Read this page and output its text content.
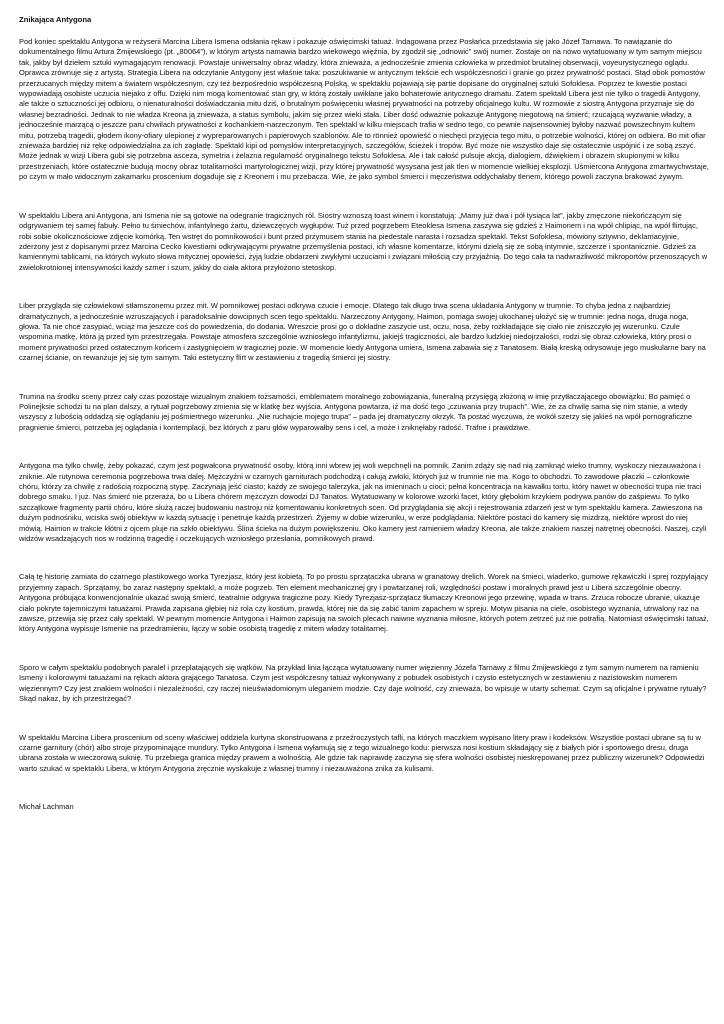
Znikająca Antygona

Pod koniec spektaklu Antygona w reżyserii Marcina Libera Ismena odsłania rękaw i pokazuje oświęcimski tatuaż. Indagowana przez Posłańca przedstawia się jako Józef Tarnawa. To nawiązanie do dokumentalnego filmu Artura Żmijewskiego (pt. „80064”), w którym artysta namawia bardzo wiekowego więźnia, by zgodził się „odnowić” swój numer. Zostaje on na nowo wytatuowany w tym samym miejscu tak, jakby był dziełem sztuki wymagającym renowacji. Powstaje uniwersalny obraz władzy, która znieważa, a jednocześnie zmienia człowieka w przedmiot brutalnej obserwacji, voyeurystycznego oglądu. Oprawca zrównuje się z artystą. Strategia Libera na odczytanie Antygony jest właśnie taka: poszukiwanie w antycznym tekście ech współczesności i granie go przez prywatność postaci. Stąd obok pomostów przerzucanych między mitem a światem współczesnym, czy też bezpośrednio współczesną Polską, w spektaklu pojawiają się partie dopisane do oryginalnej sztuki Sofoklesa. Poprzez te kwestie postaci wypowiadają osobiste uczucia niejako z offu. Dzięki nim mogą komentować stan gry, w którą zostały uwikłane jako bohaterowie antycznego dramatu. Zatem spektakl Libera jest nie tylko o tragedii Antygony, ale także o sztuczności jej odbioru, o nienaturalności doświadczania mitu dziś, o brutalnym poświęceniu własnej prywatności na potrzeby oficjalnego kultu. W rozmowie z siostrą Antygona przyznaje się do własnej bezradności. Jednak to nie władza Kreona ją znieważa, a status symbolu, jakim się przez wieki stała. Liber dość odważnie pokazuje Antygonę niegotową na śmierć; rzucającą wyzwanie władzy, a jednocześnie marzącą o jeszcze paru chwilach prywatności z kochankiem-narzeczonym. Ten spektakl w kilku miejscach trafia w sedno tego, co pewnie najsensowniej byłoby nazwać powszechnym kultem mitu, potrzebą tragedii, głodem ikony-ofiary ulepionej z wypreparowanych i papierowych szablonów. Ale to rönnież opowieść o niechęci przyjęcia tego mitu, o potrzebie wolności, której on odbiera. Bo mit ofiar znieważa bardziej niż rękę odpowiedzialna za ich zagładę. Spektakl kipi od pomysłów interpretacyjnych, szczegółów, ścieżek i tropów. Być może nie wszystko daje się ostatecznie uspójnić i ze sobą zszyć. Może jednak w wizji Libera gubi się potrzebna asceza, symetria i żelazna regularność oryginalnego tekstu Sofoklesa. Ale i tak całość pulsuje akcją, dialogiem, dźwiękiem i obrazem skupionymi w kilku przestrzeniach, które ostatecznie budują mocny obraz totalitarności martyrologicznej wizji, przy której prywatność wysysana jest jak tlen w momencie wielkiej eksplozji. Uśmiercona Antygona zmartwychwstaje, po czym w mało widocznym zakamarku proscenium dogaduje się z Kreonem i mu przebacza. Wie, że jako symbol śmierci i męczeństwa oddychałaby tlenem, którego powoli zaczyna brakować żywym.

W spektaklu Libera ani Antygona, ani Ismena nie są gotowe na odegranie tragicznych ról. Siostry wznoszą toast winem i konstatują: „Mamy już dwa i pół tysiąca lat”, jakby zmęczone niekończącym się odgrywaniem tej samej fabuły. Pełno tu śmiechów, infantylnego żartu, dziewczęcych wygłupów. Tuż przed pogrzebem Eteoklesa Ismena zaszywa się gdzieś z Haimonem i na wpół chlipiąc, na wpół flirtując, robi sobie okolicznościowe zdjęcie komórką. Ten wstręt do pomnikowości i bunt przed przymusem stania na piedestale narasta i rozsadza spektakl. Tekst Sofoklesa, mówiony sztywno, deklamacyjnie, zderzony jest z dopisanymi przez Marcina Cecko kwestiami odkrywającymi prywatne przemyślenia postaci, ich własne komentarze, którymi dzielą się ze sobą intymnie, szczerze i spontanicznie. Gdzieś za kamiennymi tablicami, na których wykuto słowa mitycznej opowieści, żyją ludzie obdarzeni zwykłymi uczuciami i związani miłością czy przyjaźnią. Do tego cała ta nadwrażliwość mikroportów przenoszących w zwielokrotnionej intensywności każdy szmer i szum, jakby do ciała aktora przyłożono stetoskop.

Liber przygląda się człowiekowi stłamszonemu przez mit. W pomnikowej postaci odkrywa czucie i emocje. Dlatego tak długo trwa scena układania Antygony w trumnie. To chyba jedna z najbardziej dramatycznych, a jednocześnie wzruszających i paradoksalnie dowcipnych scen tego spektaklu. Narzeczony Antygony, Haimon, pomaga swojej ukochanej ułożyć się w trumnie: jedna noga, druga noga, głowa. Ta nie chce zasypiać, wciąż ma jeszcze coś do powiedzenia, do dodania. Wreszcie prosi go o dokładne zaszycie ust, oczu, nosa, żeby rozkładające się ciało nie zniszczyło jej wizerunku. Czule wspomina matkę, która ją przed tym przestrzegała. Powstaje atmosfera szczególnie wzniosłego infantylizmu, jakiejś tragiczności, ale bardzo ludzkiej niedojrzałości, rodzi się obraz człowieka, który prosi o moment prywatności przed ostatecznym końcem i zastygnięciem w tragicznej pozie. W momencie kiedy Antygona umiera, Ismena zabawia się z Tanatosem. Białą kreską odrysowuje jego muskularne bary na czarnej ścianie, on rewanżuje jej się tym samym. Taki estetyczny flirt w zestawieniu z tragedią śmierci jej siostry.

Trumna na środku sceny przez cały czas pozostaje wizualnym znakiem tożsamości, emblematem moralnego zobowiązania, funeralną przysięgą złożoną w imię przytłaczającego obowiązku. Bo pamięć o Polinejksie schodzi tu na plan dalszy, a rytuał pogrzebowy zmienia się w klatkę bez wyjścia. Antygona powtarza, iż ma dość tego „czuwania przy trupach”. Wie, że za chwilę sama się nim stanie, a wtedy wszyscy z lubością oddadzą się oglądaniu jej pośmiertnego wizerunku. „Nie ruchajcie mojego trupa” – pada jej dramatyczny okrzyk. Ta postać wyczuwa, że wokół szerzy się jakieś na wpół pornograficzne pragnienie śmierci, potrzeba jej oglądania i kontemplacji, bez których z paru głów wyparowałby sens i cel, a może i zniknęłaby radość. Trafne i prawdziwe.

Antygona ma tylko chwilę, żeby pokazać, czym jest pogwałcona prywatność osoby, którą inni wbrew jej woli wepchnęli na pomnik. Zanim zdąży się nad nią zamknąć wieko trumny, wyskoczy niezauważona i zniknie. Ale rutynowa ceremonia pogrzebowa trwa dalej. Mężczyźni w czarnych garniturach podchodzą i całują zwłoki, których już w trumnie nie ma. Kogo to obchodzi. To zawodowe płaczki – członkowie chóru, którzy za chwilę z radością rozpoczną stypę. Zaczynają jeść ciasto; każdy ze swojego talerzyka, jak na imieninach u cioci; pełna koncentracja na kawałku tortu, który nawet w obecności trupa nie traci dobrego smaku. I już. Nas śmierć nie przeraża, bo u Libera chórem mężczyzn dowodzi DJ Tanatos. Wytatuowany w kolorowe wzorki facet, który głębokim krzykiem podrywa panów do zaśpiewu. To tylko szczątkowe fragmenty partii chóru, które służą raczej budowaniu nastroju niż komentowaniu konkretnych scen. Od przyglądania się akcji i rejestrowania zdarzeń jest w tym spektaklu kamera. Zawieszona na dużym podnośniku, wciska swój obiektyw w każdą sytuację i penetruje każdą przestrzeń. Żyjemy w dobie wizerunku, w erze podglądania. Niektóre postaci do kamery się mizdrzą, niektóre wprost do niej mówią. Haimon w trakcie kłótni z ojcem pluje na szkło obiektywu. Ślina ścieka na dużym powiększeniu. Oko kamery jest ramieniem władzy Kreona, ale także znakiem naszej natrętnej obecności. Naszej, czyli widzów wsadzających nos w rodzinną tragedię i oczekujących wzniosłego przesłania, pomnikowych prawd.

Całą tę historię zamiata do czarnego plastikowego worka Tyrezjasz, który jest kobietą. To po prostu sprzątaczka ubrana w granatowy drelich. Worek na śmieci, wiaderko, gumowe rękawiczki i sprej rozpylający przyjemny zapach. Sprzątamy, bo zaraz następny spektakl, a może pogrzeb. Ten element mechanicznej gry i powtarzanej roli, względności postaw i moralnych prawd jest u Libera szczególnie obecny. Antygona próbująca konwencjonalnie ukazać swoją śmierć, teatralnie odgrywa tragiczne pozy. Kiedy Tyrezjasz-sprzątacz tłumaczy Kreonowi jego przewinę, wpada w trans. Zrzuca robocze ubranie, ukazuje ciało pokryte tajemniczymi tatuażami. Prawda zapisana głębiej niż rola czy kostium, prawda, której nie da się zabić tanim zapachem w spreju. Motyw pisania na ciele, osobistego wyznania, utrwalony raz na zawsze, przewija się przez cały spektakl. W pewnym momencie Antygona i Haimon zapisują na swoich plecach naiwne wyznania miłosne, których potem zetrzeć już nie potrafią. Natomiast oświęcimski tatuaż, który Antygona wypisuje Ismenie na przedramieniu, łączy w sobie osobistą tragedię z mitem władzy totalitarnej.

Sporo w całym spektaklu podobnych paralel i przeplatających się wątków. Na przykład linia łącząca wytatuowany numer więzienny Józefa Tarnawy z filmu Żmijewskiego z tym samym numerem na ramieniu Ismeny i kolorowymi tatuażami na rękach aktora grającego Tanatosa. Czym jest współczesny tatuaż wykonywany z pobudek osobistych i czysto estetycznych w zestawieniu z nazistowskim numerem więziennym? Czy jest znakiem wolności i niezależności, czy raczej nieuświadomionym uleganiem modzie. Czy daje wolność, czy znieważa, bo wpisuje w utarty schemat. Czym są oficjalne i prywatne rytuały? Skąd nakaz, by ich przestrzegać?

W spektaklu Marcina Libera proscenium od sceny właściwej oddziela kurtyna skonstruowana z przeźroczystych tafli, na których maczkiem wypisano litery praw i kodeksów. Wszystkie postaci ubrane są tu w czarne garnitury (chór) albo stroje przypominające mundury. Tylko Antygona i Ismena wyłamują się z tego wizualnego kodu: pierwsza nosi kostium składający się z białych piór i sportowego dresu, druga ubrana została w wieczorową suknię. Tu przebiega granica między prawem a wolnością. Ale gdzie tak naprawdę zaczyna się sfera wolności osobistej nieskrępowanej przez publiczny wizerunek? Odpowiedzi warto szukać w spektaklu Libera, w którym Antygona zręcznie wyskakuje z własnej trumny i niezauważona znika za kulisami.

Michał Lachman
